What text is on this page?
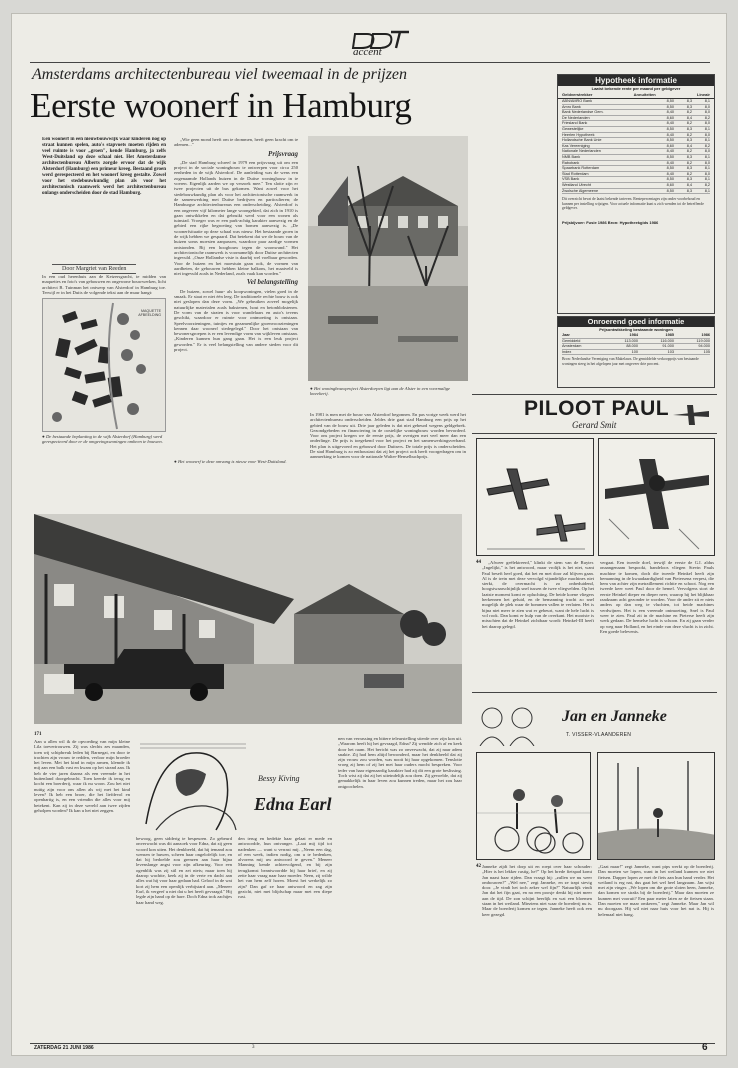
accent
Amsterdams architectenbureau viel tweemaal in de prijzen
Eerste woonerf in Hamburg
Een woonerf in een nieuwbouwwijk waar kinderen nog op straat kunnen spelen, auto's stapvoets moeten rijden en veel ruimte is voor „groen", kende Hamburg, ja zelfs West-Duitsland op deze schaal niet. Het Amsterdamse architectenbureau Alberts zorgde ervoor dat de wijk Alsterdorf (Hamburg) een primeur kreeg. Bestaand groen werd gerespecteerd en het woonerf kreeg gestalte. Zowel voor het stedebouwkundig plan als voor het architectonisch raamwerk werd het architectenbureau onlangs onderscheiden door de stad Hamburg.
Door Margriet van Reeden
In een oud herenhuis aan de Keizersgracht, te midden van maquettes en foto's van gebouwen en ongewone bouwwerken, licht architect B. Tuinman het ontwerp van Alsterdorf in Hamburg toe. Terwijl er in het Duits de volgende tekst aan de muur hangt:
MAQUETTE AFBEELDING
● De bestaande beplanting in de wijk Alsterdorf (Hamburg) werd gerespecteerd door er de omgevingswoningen omheen te bouwen.

„Wie geen mond heeft om te drommen, heeft geen kracht om te ademen..."

Prijsvraag

„De stad Hamburg schreef in 1979 een prijsvraag uit om een project in de sociale woningbouw te ontwerpen voor circa 250 eenheden in de wijk Alsterdorf. De aanleiding was de wens een zogenaamde Hollands huizen in de Duitse woninghouw in te voeren. Eigenlijk aarden we op verzoek mee." Ten slotte zijn er twee projecten uit de bus gekomen. Want zowel voor het stedebouwkundig plan als voor het architectonische raamwerk in de samenwerking met Duitse bedrijven en particulieren; de Hamburgse architectenbureaus een onderscheiding. Alsterdorf is een ongeveer vijf kilometer lange woongebied, dat zich in 1910 is gaan ontwikkelen en dat gebruikt werd voor een wonen als tuinstad. Vroeger was er een park-achtig karakter aanwezig en de gebied een rijke begroeiing van bomen aanwezig is. „De woonerfsituatie op deze schaal was nieuw. Het bestaande groen in de wijk hebben we gespaard. Dat betekent dat we de bouw van de huizen soms moesten aanpassen, waardoor paar aardige vormen ontstonden. Bij een hoogbouw tegen de woonwand." Het architectonische raamwerk is voornamelijk door Duitse architecten ingevuld. „Onze Hollandse visie is daarbij wel voelbaar geworden. Voor de huizen en het moestuin gaan ook, de vormen van aardbeien, de gebouwen hebben kleine balkons, het maaiveld is niet ingevuld zoals in Nederland, zoals vaak kan worden."

Vel belangstelling

De huizen, zowel huur- als koopwoningen, vielen goed in de smaak. Er staat er niet één leeg. De traditionele rechte bouw is ook niet geslopen dan deze vorm. „We gebruiken zoveel mogelijk natuurlijke materialen zoals bakstenen, hout en betonblokstenen. De vorm van de straten is voor wandelaars en auto's tevens geschikt, waardoor er ruimte voor ontmoeting is ontstaan. Speelvoorzieningen, tuintjes en gezamenlijke groenvoorzieningen kennen daar woonerf stedegelegd." Door het ontstaan van bewonersgroepen is er een levendige vorm van wijkleven ontstaan. „Kinderen kunnen hun gang gaan. Het is een leuk project geworden." Er is veel belangstelling van andere steden voor dit project.

● Het woonerf te deze omvang is nieuw voor West-Duitsland.
● Het woningbouwproject Alsterdorpen ligt aan de Alster in een voormalige kweekerij.
In 1981 is men met de bouw van Alsterdorf begonnen. En pas vorige week werd het architectenbureau onderscheiden. Jeldes drie gaat stad Hamburg een prijs op het gebied van de bouw uit. Drie jaar geleden is dat niet gebeurd wegens geldgebrek. Gezondgebeden en financiering in de oostelijke woningbouw worden bevorderd. Voor ons project kregen we de eerste prijs, de overigen met veel meer dan een onderlinge. De prijs is toegekend voor het project en het samenwerkingsverband. Het plan is uitgevoerd en gebouwd door Duitsers. De totale prijs is onderscheiden. De stad Hamburg is zo enthousiast dat zij het project ook heeft voorgedragen om in aanmerking te komen voor de nationale Walter-Henselbuchprijs.
Hypotheek informatie
Laatst bekende rente per maand per geldgever
Geldverstrekker	Annuiteiten	Lineair
ABN/AMRO Bank	8,50	8,3	8,1
Amro Bank	8,50	8,3	8,0
Bank Nederlandse Gem.	8,40	8,2	8,0
De Nederlanden	8,60	8,4	8,2
Friesland Bank	8,40	8,2	8,0
Gewestelijke	8,50	8,3	8,1
Heerlen Hypotheek	8,40	8,2	8,0
Hollandsche Bank Unie	8,50	8,3	8,1
Kas Vereeniging	8,60	8,4	8,2
Nationale Nederlanden	8,40	8,2	8,0
NMB Bank	8,50	8,3	8,1
Rabobank	8,40	8,2	8,0
Spaarbank Rotterdam	8,50	8,3	8,1
Stad Rotterdam	8,40	8,2	8,0
VSB Bank	8,50	8,3	8,1
Westland Utrecht	8,60	8,4	8,2
Zwolsche Algemeene	8,50	8,3	8,1
Dit overzicht bevat de laatst bekende tarieven. Rentepercentages zijn onder voorbehoud en kunnen per instelling wijzigen. Voor actuele informatie kunt u zich wenden tot de betreffende geldgever.
Prijsbijvoer: Fusie 1986 Bron: Hypotheekgids 1986
Onroerend goed informatie
Prijsontwikkeling bestaande woningen
Jaar	1984	1985	1986
Gemiddeld	113.000	116.000	119.000
Amsterdam	88.000	91.000	94.000
Index	100	103	105
Bron: Nederlandse Vereniging van Makelaars. De gemiddelde verkoopprijs van bestaande woningen steeg in het afgelopen jaar met ongeveer drie procent.
PILOOT PAUL
Gerard Smit
44	„Afweer geëlektreerd," klinkt de stem van de Ruyter. „Ingelijkt," is het antwoord, maar vrolijk is het niet, want Paul beseft heel goed, dat het en met door zal blijven gaan. Al is de trein met deze vervolgd vijandelijke machines niet sterkt, de overmacht is zo onbeduidend, hoogstwaarschijnlijk snel tussen de twee vliegvelden. Op het laatste moment komt er opluchting. De beide koene vliegers herkennen het geluid, en de bemanning tracht zo snel mogelijk de plek waar de bommen vallen te verlaten. Het is bijna niet meer te zien wat er gebeurt, want de hele lucht is vol rook. Dan komt er hulp van de overkant. Het mooiste is misschien dat de Heinkel zichtbaar wordt: Heinkel-III heeft het daarop gelegd.
vergaat. Een tweede doel, terwijl de eerste de G.I. aldus onaangenaam bespookt, bandeloos vliegen Stevin Pauls machine te komen, doch die tweede Heinkel heeft zijn bemanning in de kwaadaardigheid van Pietersena verpest, die hem van achter zijn metraillement richtte en schoot. Nog een tweede keer weet Paul door de hemel. Vervolgens stort de eerste Heinkel dieper en dieper neer, waarop hij het blijkbaar raadzaam acht gezonder te worden. Voor de ander zit er niets anders op dan weg te vluchten, tot beide machines verdwijnen. Het is een vreemde ontmoeting. Snel is Paul weer te zien. Paul zit in de machine en Pieterse heeft zijn werk gedaan. De hemelse lucht is schoon. En zij gaan verder op weg naar Holland, en het einde van deze vlucht is in zicht. Een goede belevenis.
171
Aan u allen wil ik de opvoeding van mijn kleine Lila toevertrouwen. Zij was slechts zes maanden, toen wij schipbreuk leden bij Barnegat, en door te trachten zijn vrouw te redden, verloor mijn broeder het leven. Met het kind in mijn armen, klemde ik mij aan een balk vast en kwam op het strand aan. Ik heb de vier jaren daarna als een vreemde in het buitenland doorgebracht. Toen keerde ik terug en kocht een boerderij, waar ik nu woon. Zou het niet nuttig zijn voor ons allen als wij met het kind leven? Ik heb een broer, die het liefdevol en openhartig is, en een vriendin die alles voor mij betekent. Kan zij in deze wereld aan twee zijden geholpen worden? Ik kan u het niet zeggen.
Bessy Kiving
Edna Earl
bewoog, geen sidderig te bespeuren. Zo gebeurd onverwacht was dit aanzoek voor Edna, dat zij geen woord kon uiten. Het denkbeeld, dat hij iemand zou wensen te huwen, scheen haar ongelofelijk toe, en dat hij bedoelde zou grenzen aan haar bijna levenslange angst voor zijn afkeuring. Voor een ogenblik was zij stil en zei niets; maar toen hij daarop wachtte, keek zij in de verte en dacht aan alles wat hij voor haar gedaan had. Geloof in de wat kort zij hem een openlijk verbijstard aan. „Meneer Earl, ik vergeef u niet dat u het heeft gevraagd." Hij legde zijn hand op de hare. Doch Edna trok zachtjes haar hand weg.
den terug en bedekte haar gelaat er mede en antwoordde, hun ontvanger. „Laat mij tijd tot nadenken — want u verrast mij. „Neem een dag, of een week, indien nodig, om u te bedenken, alvorens mij uw antwoord te geven." Meneer Manning kende achtervolgend, en bij zijn terugkomst beantwoordde hij haar brief, en zij zette haar vraag naar haar moeder. Neen, zij wilde het van hem zelf horen. Moest het werkelijk zo zijn? Dan gaf ze haar antwoord en zag zijn gezicht, niet met blijdschap maar met een diepe rust.
nen van verrassing en bittere teleurstelling stierde over zijn kon uit. „Waarom heeft hij het gevraagd, Edna? Zij wendde zich af en keek door het raam. Het bericht was zo onverwacht, dat zij naar adem snakte. Zij had hem altijd bewonderd, maar het denkbeeld dat zij zijn vrouw zou worden, was nooit bij haar opgekomen. Tenslotte vroeg zij hem of zij het met haar ouders mocht bespreken. Voor ieder van haar eigenaardig karakter had zij dit een grote beslissing. Toch wist zij dat zij het uiteindelijk zou doen. Zij gevoelde, dat zij gemakkelijk in haar leven zou kunnen treden, maar het zou haar ontgoochelen.
Jan en Janneke
T. VISSER-VLAANDEREN
42 Janneke zijdt het dorp uit en roept over haar schouder: „Hier is het lekker rustig, he?" Op het brede fietspad komt Jan naast haar rijden. Dan vraagt hij: „zullen we nu weer ombouwen?" „Wel nee," zegt Janneke, en ze trapt stevig door. „Je vindt het toch zeker wel fijn?" Natuurlijk vindt Jan dat het fijn gaat, en na een poosje denkt hij niet meer aan de tijd. De zon schijnt heerlijk en wat een bloemen staan in het weiland. Mieziens niet waar de boerderij nu is. Maar de boerderij komen ze tegen. Janneke heeft ook een keer gezegd.
„Gaat maar!" zegt Janneke, want pips werkt op de boerderij. Dan moeten we lopen, want in het weiland kunnen we niet fietsen. Dapper lopen ze met de fiets aan hun hand verder. Het weiland is erg nat, dus gaat het wel heel langzaam. Jan wijst met zijn vinger. „We lopen om die grote sloten heen, Janneke, dan komen we straks bij de boerderij." Maar dan moeten ze kunnen met vooruit? Een paar meter laten ze de fietsen staan. Dan moeten we maar omkeren," zegt Janneke. Maar Jan wil nu doorgaan. Hij wil niet naar huis voor het nat is. Hij is helemaal niet bang.
ZATERDAG 21 JUNI 1986	3	6
